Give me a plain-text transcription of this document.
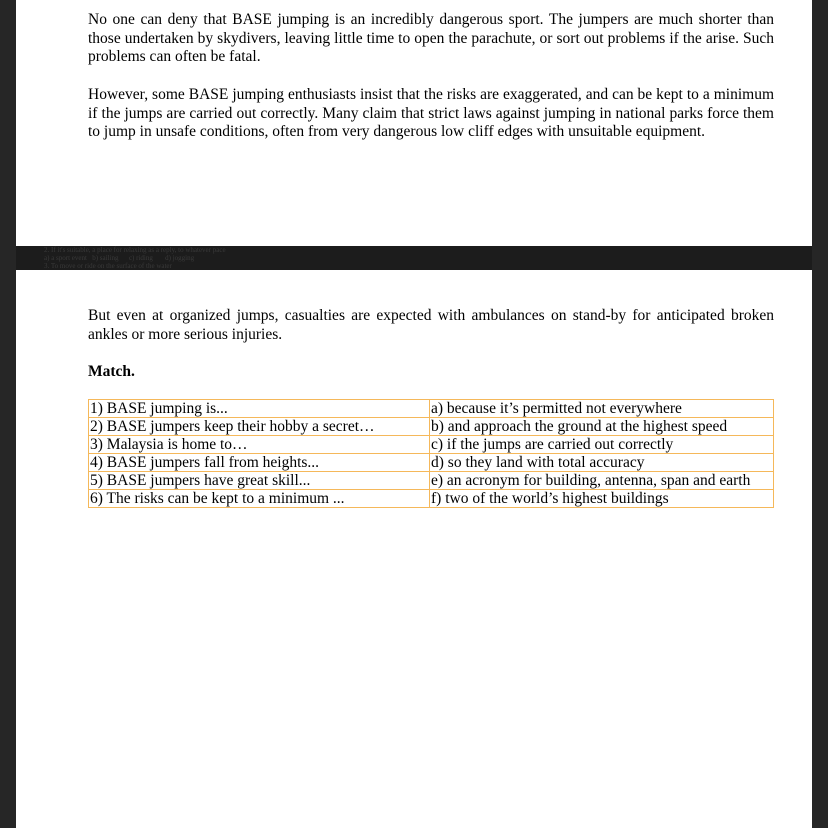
No one can deny that BASE jumping is an incredibly dangerous sport. The jumpers are much shorter than those undertaken by skydivers, leaving little time to open the parachute, or sort out problems if the arise. Such problems can often be fatal.

However, some BASE jumping enthusiasts insist that the risks are exaggerated, and can be kept to a minimum if the jumps are carried out correctly. Many claim that strict laws against jumping in national parks force them to jump in unsafe conditions, often from very dangerous low cliff edges with unsuitable equipment.

2. If it's suitable, a place for relaxing as a reply, to whatever pace
a) a sport event   b) sailing      c) riding       d) jogging
3. To move or ride on the surface of the water

But even at organized jumps, casualties are expected with ambulances on stand-by for anticipated broken ankles or more serious injuries.

Match.

1) BASE jumping is...	a) because it’s permitted not everywhere
2) BASE jumpers keep their hobby a secret…	b) and approach the ground at the highest speed
3) Malaysia is home to…	c) if the jumps are carried out correctly
4) BASE jumpers fall from heights...	d) so they land with total accuracy
5) BASE jumpers have great skill...	e) an acronym for building, antenna, span and earth
6) The risks can be kept to a minimum ...	f) two of the world’s highest buildings
